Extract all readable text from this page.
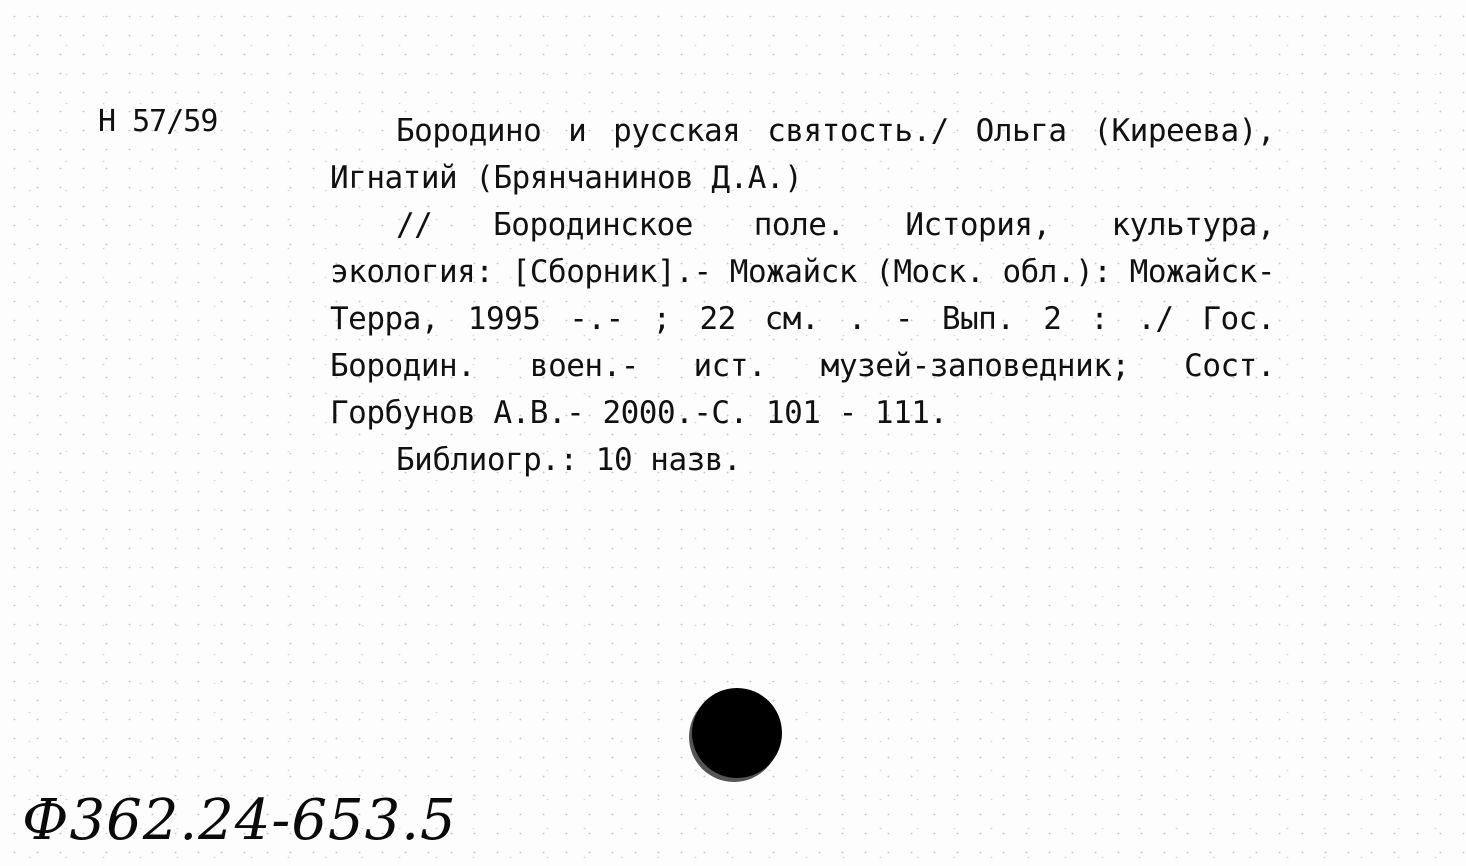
Н 57/59	Бородино и русская святость./ Ольга (Киреева), Игнатий (Брянчанинов Д.А.)

// Бородинское поле. История, культура, экология: [Сборник].- Можайск (Моск. обл.): Можайск- Терра, 1995 -.- ; 22 см. . - Вып. 2 : ./ Гос. Бородин. воен.- ист. музей-заповедник; Сост. Горбунов А.В.- 2000.-С. 101 - 111.

Библиогр.: 10 назв.

Ф362.24-653.5
